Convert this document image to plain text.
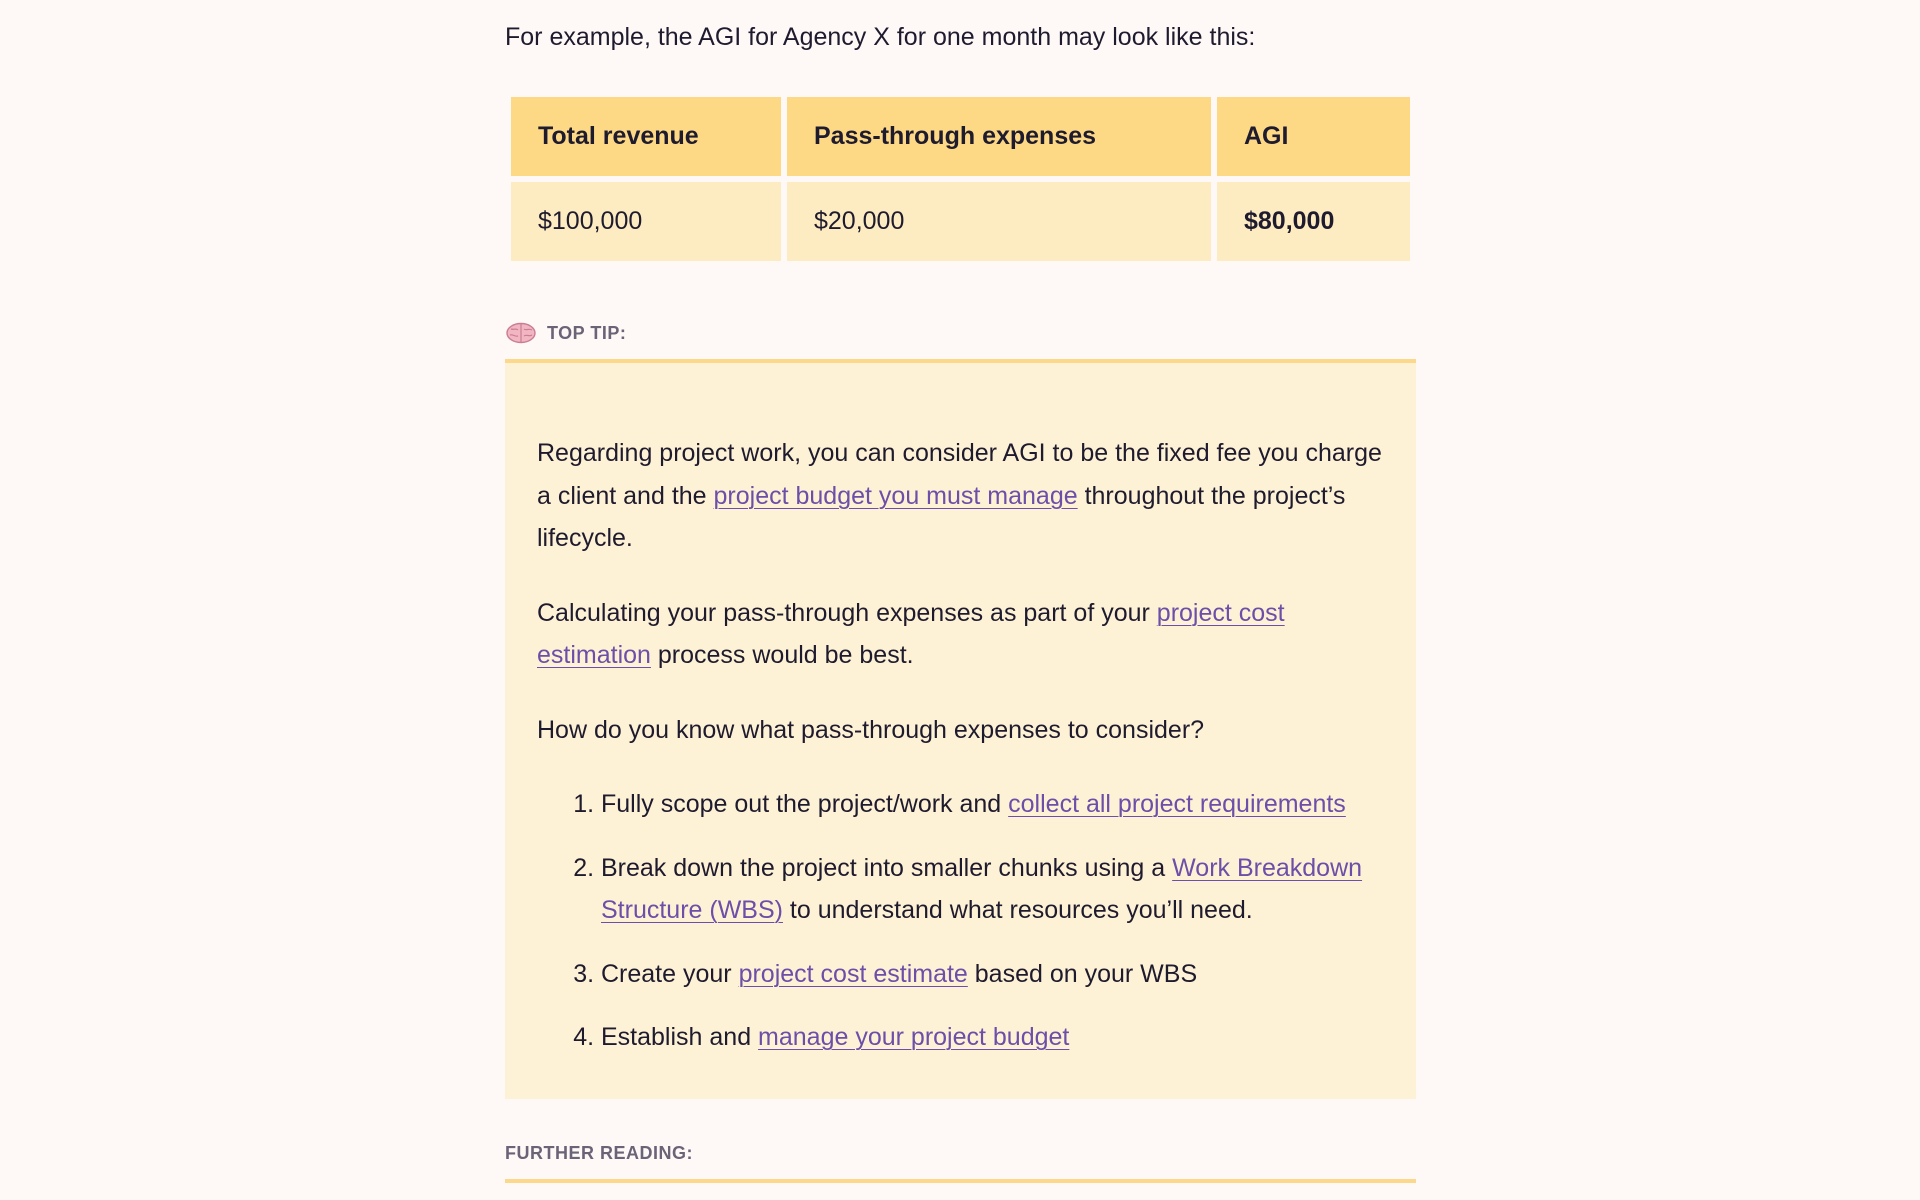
For example, the AGI for Agency X for one month may look like this:

Total revenue	Pass-through expenses	AGI
$100,000	$20,000	$80,000
TOP TIP:

Regarding project work, you can consider AGI to be the fixed fee you charge a client and the project budget you must manage throughout the project’s lifecycle.

Calculating your pass-through expenses as part of your project cost estimation process would be best.

How do you know what pass-through expenses to consider?

1. Fully scope out the project/work and collect all project requirements
2. Break down the project into smaller chunks using a Work Breakdown Structure (WBS) to understand what resources you’ll need.
3. Create your project cost estimate based on your WBS
4. Establish and manage your project budget
FURTHER READING:
